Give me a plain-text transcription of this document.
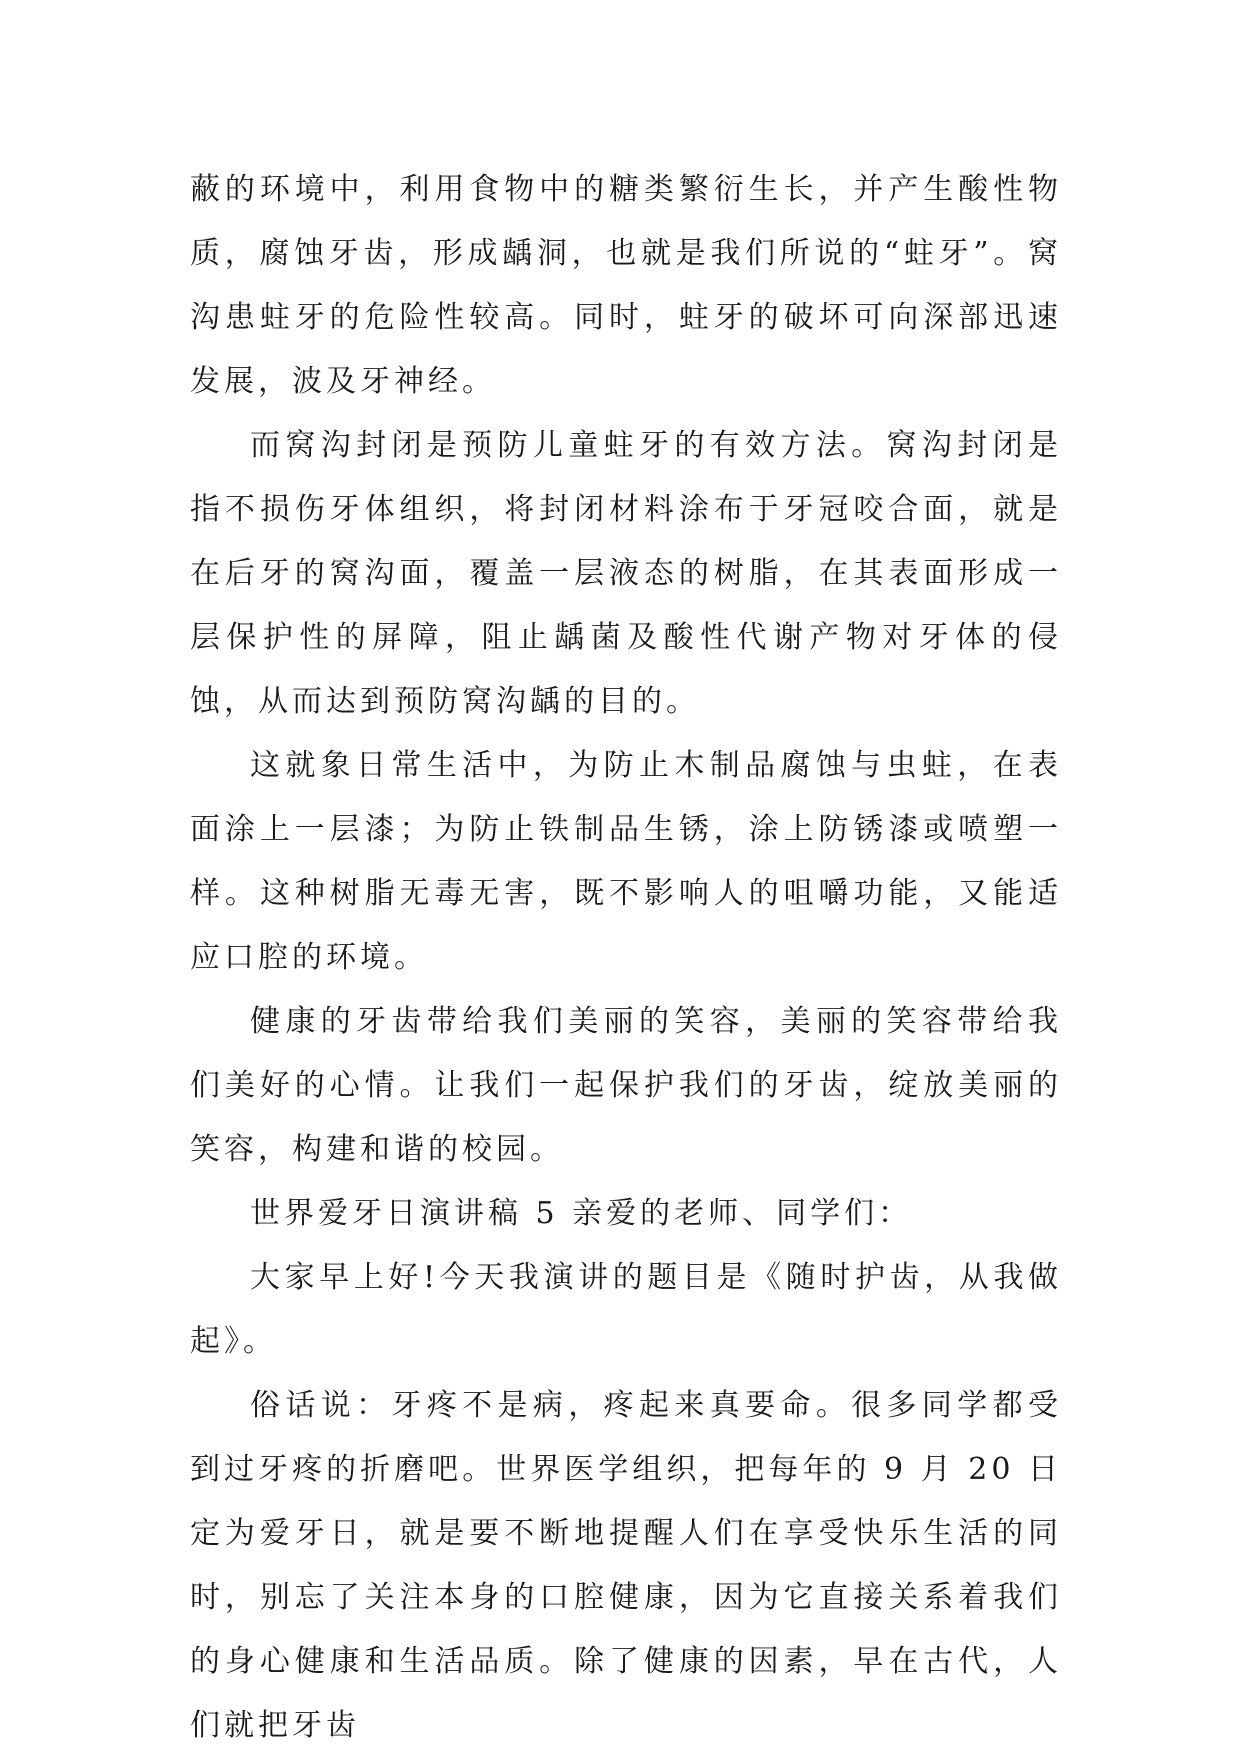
蔽的环境中，利用食物中的糖类繁衍生长，并产生酸性物质，腐蚀牙齿，形成龋洞，也就是我们所说的“蛀牙”。窝沟患蛀牙的危险性较高。同时，蛀牙的破坏可向深部迅速发展，波及牙神经。

而窝沟封闭是预防儿童蛀牙的有效方法。窝沟封闭是指不损伤牙体组织，将封闭材料涂布于牙冠咬合面，就是在后牙的窝沟面，覆盖一层液态的树脂，在其表面形成一层保护性的屏障，阻止龋菌及酸性代谢产物对牙体的侵蚀，从而达到预防窝沟龋的目的。

这就象日常生活中，为防止木制品腐蚀与虫蛀，在表面涂上一层漆；为防止铁制品生锈，涂上防锈漆或喷塑一样。这种树脂无毒无害，既不影响人的咀嚼功能，又能适应口腔的环境。

健康的牙齿带给我们美丽的笑容，美丽的笑容带给我们美好的心情。让我们一起保护我们的牙齿，绽放美丽的笑容，构建和谐的校园。

世界爱牙日演讲稿 5 亲爱的老师、同学们：

大家早上好!今天我演讲的题目是《随时护齿，从我做起》。

俗话说：牙疼不是病，疼起来真要命。很多同学都受到过牙疼的折磨吧。世界医学组织，把每年的 9 月 20 日定为爱牙日，就是要不断地提醒人们在享受快乐生活的同时，别忘了关注本身的口腔健康，因为它直接关系着我们的身心健康和生活品质。除了健康的因素，早在古代，人们就把牙齿
